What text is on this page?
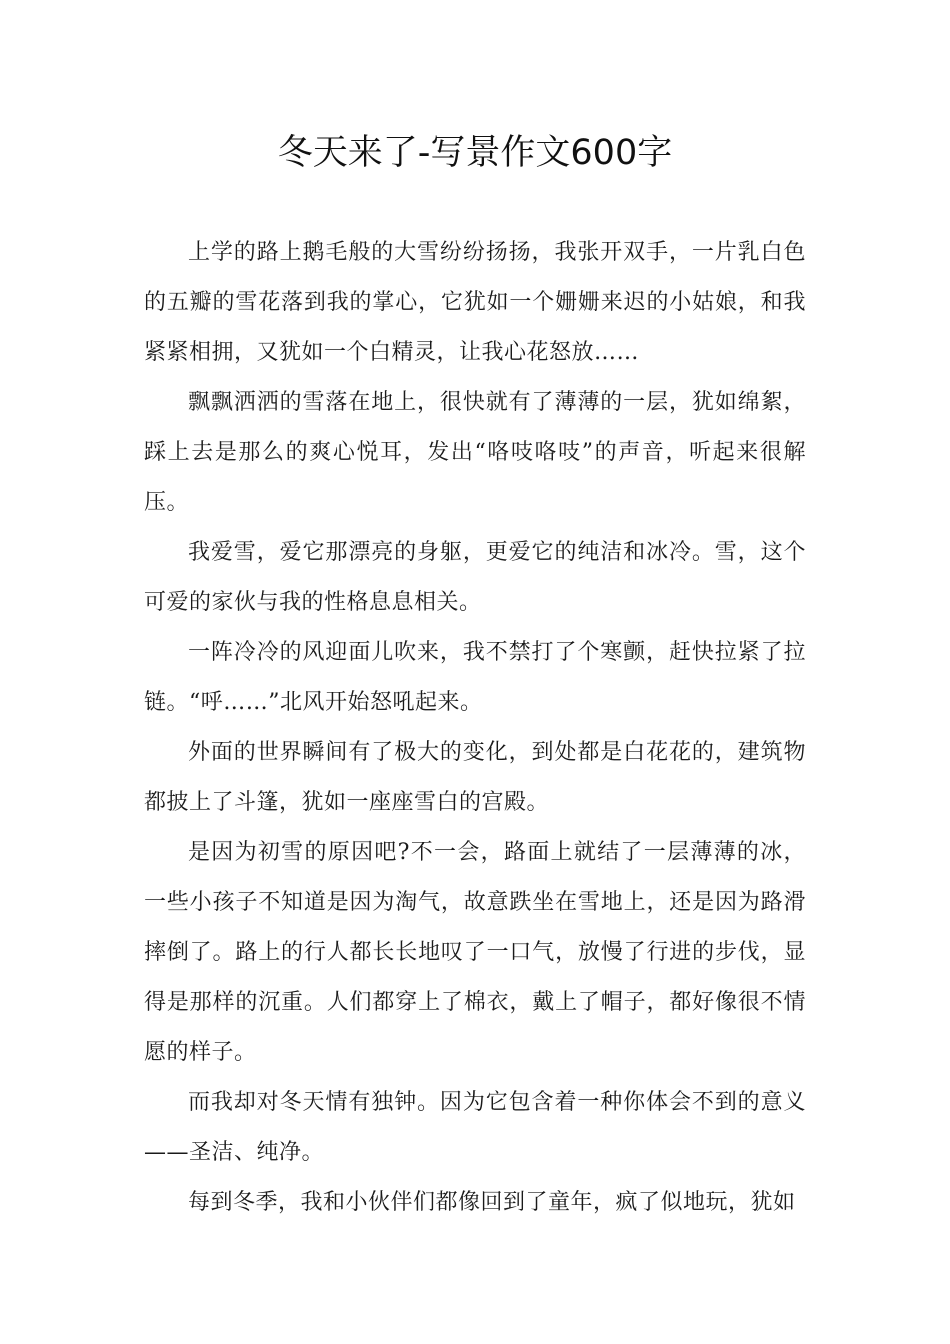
冬天来了-写景作文600字

上学的路上鹅毛般的大雪纷纷扬扬，我张开双手，一片乳白色的五瓣的雪花落到我的掌心，它犹如一个姗姗来迟的小姑娘，和我紧紧相拥，又犹如一个白精灵，让我心花怒放……

飘飘洒洒的雪落在地上，很快就有了薄薄的一层，犹如绵絮，踩上去是那么的爽心悦耳，发出“咯吱咯吱”的声音，听起来很解压。

我爱雪，爱它那漂亮的身躯，更爱它的纯洁和冰冷。雪，这个可爱的家伙与我的性格息息相关。

一阵冷冷的风迎面儿吹来，我不禁打了个寒颤，赶快拉紧了拉链。“呼……”北风开始怒吼起来。

外面的世界瞬间有了极大的变化，到处都是白花花的，建筑物都披上了斗篷，犹如一座座雪白的宫殿。

是因为初雪的原因吧?不一会，路面上就结了一层薄薄的冰，一些小孩子不知道是因为淘气，故意跌坐在雪地上，还是因为路滑摔倒了。路上的行人都长长地叹了一口气，放慢了行进的步伐，显得是那样的沉重。人们都穿上了棉衣，戴上了帽子，都好像很不情愿的样子。

而我却对冬天情有独钟。因为它包含着一种你体会不到的意义——圣洁、纯净。

每到冬季，我和小伙伴们都像回到了童年，疯了似地玩，犹如
